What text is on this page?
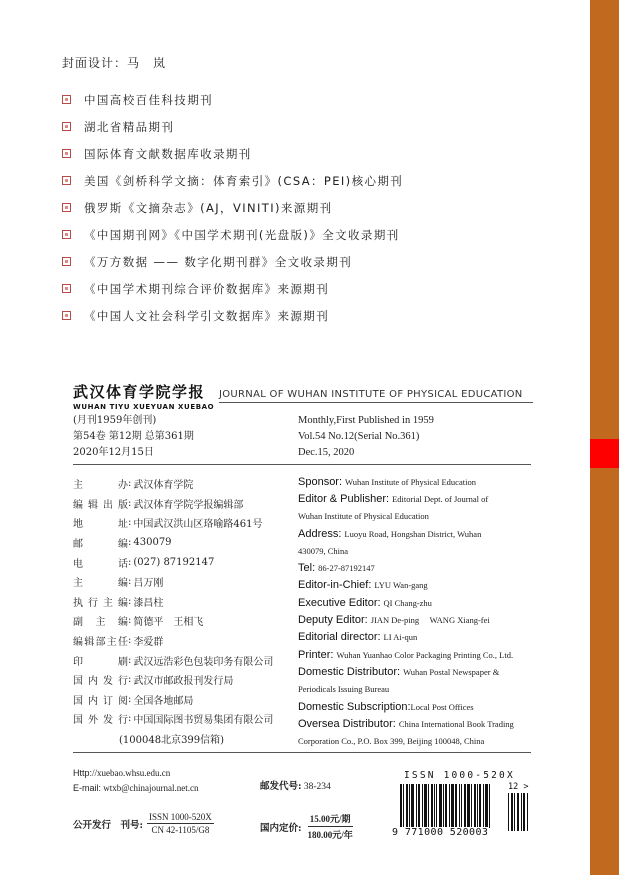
封面设计：马　岚
中国高校百佳科技期刊
湖北省精品期刊
国际体育文献数据库收录期刊
美国《剑桥科学文摘：体育索引》(CSA：PEI)核心期刊
俄罗斯《文摘杂志》(AJ，VINITI)来源期刊
《中国期刊网》《中国学术期刊(光盘版)》全文收录期刊
《万方数据 —— 数字化期刊群》全文收录期刊
《中国学术期刊综合评价数据库》来源期刊
《中国人文社会科学引文数据库》来源期刊
武汉体育学院学报
WUHAN TIYU XUEYUAN XUEBAO
JOURNAL OF WUHAN INSTITUTE OF PHYSICAL EDUCATION
(月刊1959年创刊)
第54卷 第12期 总第361期
2020年12月15日
Monthly,First Published in 1959
Vol.54 No.12(Serial No.361)
Dec.15, 2020
主办 : 武汉体育学院
编辑出版 : 武汉体育学院学报编辑部
地址 : 中国武汉洪山区珞喻路461号
邮编 : 430079
电话 : (027) 87192147
主编 : 吕万刚
执行主编 : 漆昌柱
副主编 : 简德平　王相飞
编辑部主任 : 李爱群
印刷 : 武汉远浩彩色包装印务有限公司
国内发行 : 武汉市邮政报刊发行局
国内订阅 : 全国各地邮局
国外发行 : 中国国际图书贸易集团有限公司
(100048北京399信箱)
Sponsor : Wuhan Institute of Physical Education
Editor & Publisher : Editorial Dept. of Journal of
Wuhan Institute of Physical Education
Address : Luoyu Road, Hongshan District, Wuhan
430079, China
Tel : 86-27-87192147
Editor-in-Chief : LYU Wan-gang
Executive Editor : QI Chang-zhu
Deputy Editor : JIAN De-ping　 WANG Xiang-fei
Editorial director : LI Ai-qun
Printer : Wuhan Yuanhao Color Packaging Printing Co., Ltd.
Domestic Distributor : Wuhan Postal Newspaper &
Periodicals Issuing Bureau
Domestic Subscription : Local Post Offices
Oversea Distributor : China International Book Trading
Corporation Co., P.O. Box 399, Beijing 100048, China
Http://xuebao.whsu.edu.cn
E-mail: wtxb@chinajournal.net.cn	邮发代号: 38-234
公开发行　刊号: $\frac{\text{ISSN 1000-520X}}{CN 42-1105/G8}$	国内定价: $\frac{\text{15.00元/期}}{\text{180.00元/年}}$
ISSN 1000-520X
12 >
9 771000 520003
